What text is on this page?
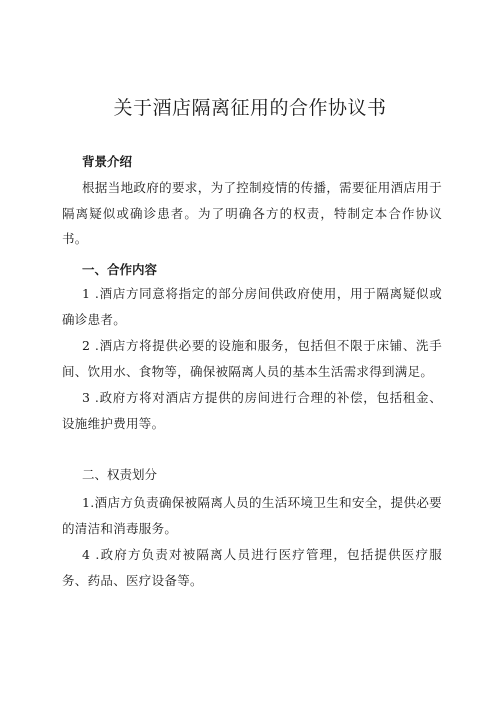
关于酒店隔离征用的合作协议书
背景介绍
根据当地政府的要求，为了控制疫情的传播，需要征用酒店用于隔离疑似或确诊患者。为了明确各方的权责，特制定本合作协议书。
一、合作内容
1 .酒店方同意将指定的部分房间供政府使用，用于隔离疑似或确诊患者。
2 .酒店方将提供必要的设施和服务，包括但不限于床铺、洗手间、饮用水、食物等，确保被隔离人员的基本生活需求得到满足。
3 .政府方将对酒店方提供的房间进行合理的补偿，包括租金、设施维护费用等。
二、权责划分
1.酒店方负责确保被隔离人员的生活环境卫生和安全，提供必要的清洁和消毒服务。
4 .政府方负责对被隔离人员进行医疗管理，包括提供医疗服务、药品、医疗设备等。
